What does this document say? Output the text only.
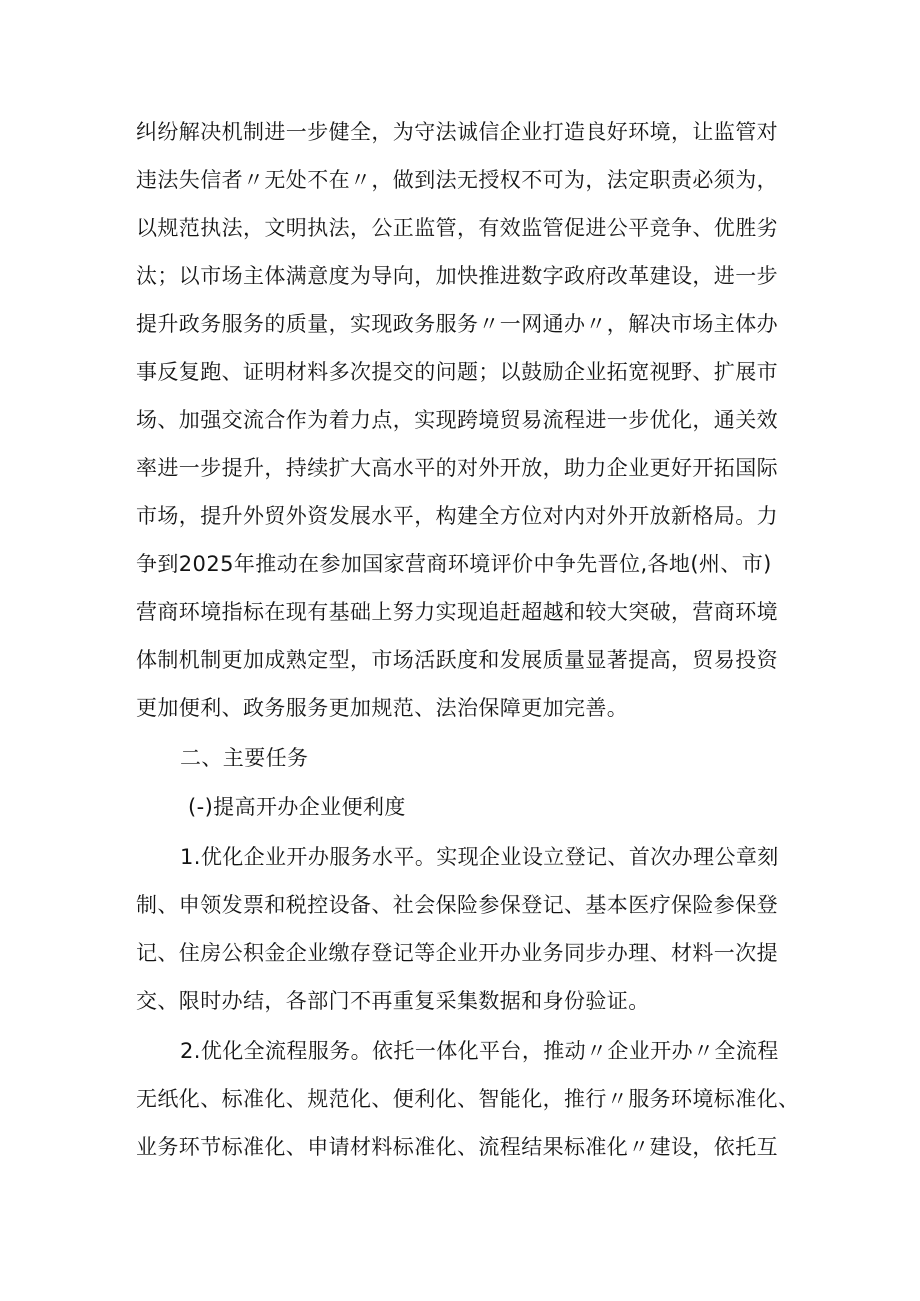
纠纷解决机制进一步健全，为守法诚信企业打造良好环境，让监管对
违法失信者〃无处不在〃，做到法无授权不可为，法定职责必须为，
以规范执法，文明执法，公正监管，有效监管促进公平竞争、优胜劣
汰；以市场主体满意度为导向，加快推进数字政府改革建设，进一步
提升政务服务的质量，实现政务服务〃一网通办〃，解决市场主体办
事反复跑、证明材料多次提交的问题；以鼓励企业拓宽视野、扩展市
场、加强交流合作为着力点，实现跨境贸易流程进一步优化，通关效
率进一步提升，持续扩大高水平的对外开放，助力企业更好开拓国际
市场，提升外贸外资发展水平，构建全方位对内对外开放新格局。力
争到2025年推动在参加国家营商环境评价中争先晋位,各地(州、市)
营商环境指标在现有基础上努力实现追赶超越和较大突破，营商环境
体制机制更加成熟定型，市场活跃度和发展质量显著提高，贸易投资
更加便利、政务服务更加规范、法治保障更加完善。
二、主要任务
(-)提高开办企业便利度
1.优化企业开办服务水平。实现企业设立登记、首次办理公章刻
制、申领发票和税控设备、社会保险参保登记、基本医疗保险参保登
记、住房公积金企业缴存登记等企业开办业务同步办理、材料一次提
交、限时办结，各部门不再重复采集数据和身份验证。
2.优化全流程服务。依托一体化平台，推动〃企业开办〃全流程
无纸化、标准化、规范化、便利化、智能化，推行〃服务环境标准化、
业务环节标准化、申请材料标准化、流程结果标准化〃建设，依托互
